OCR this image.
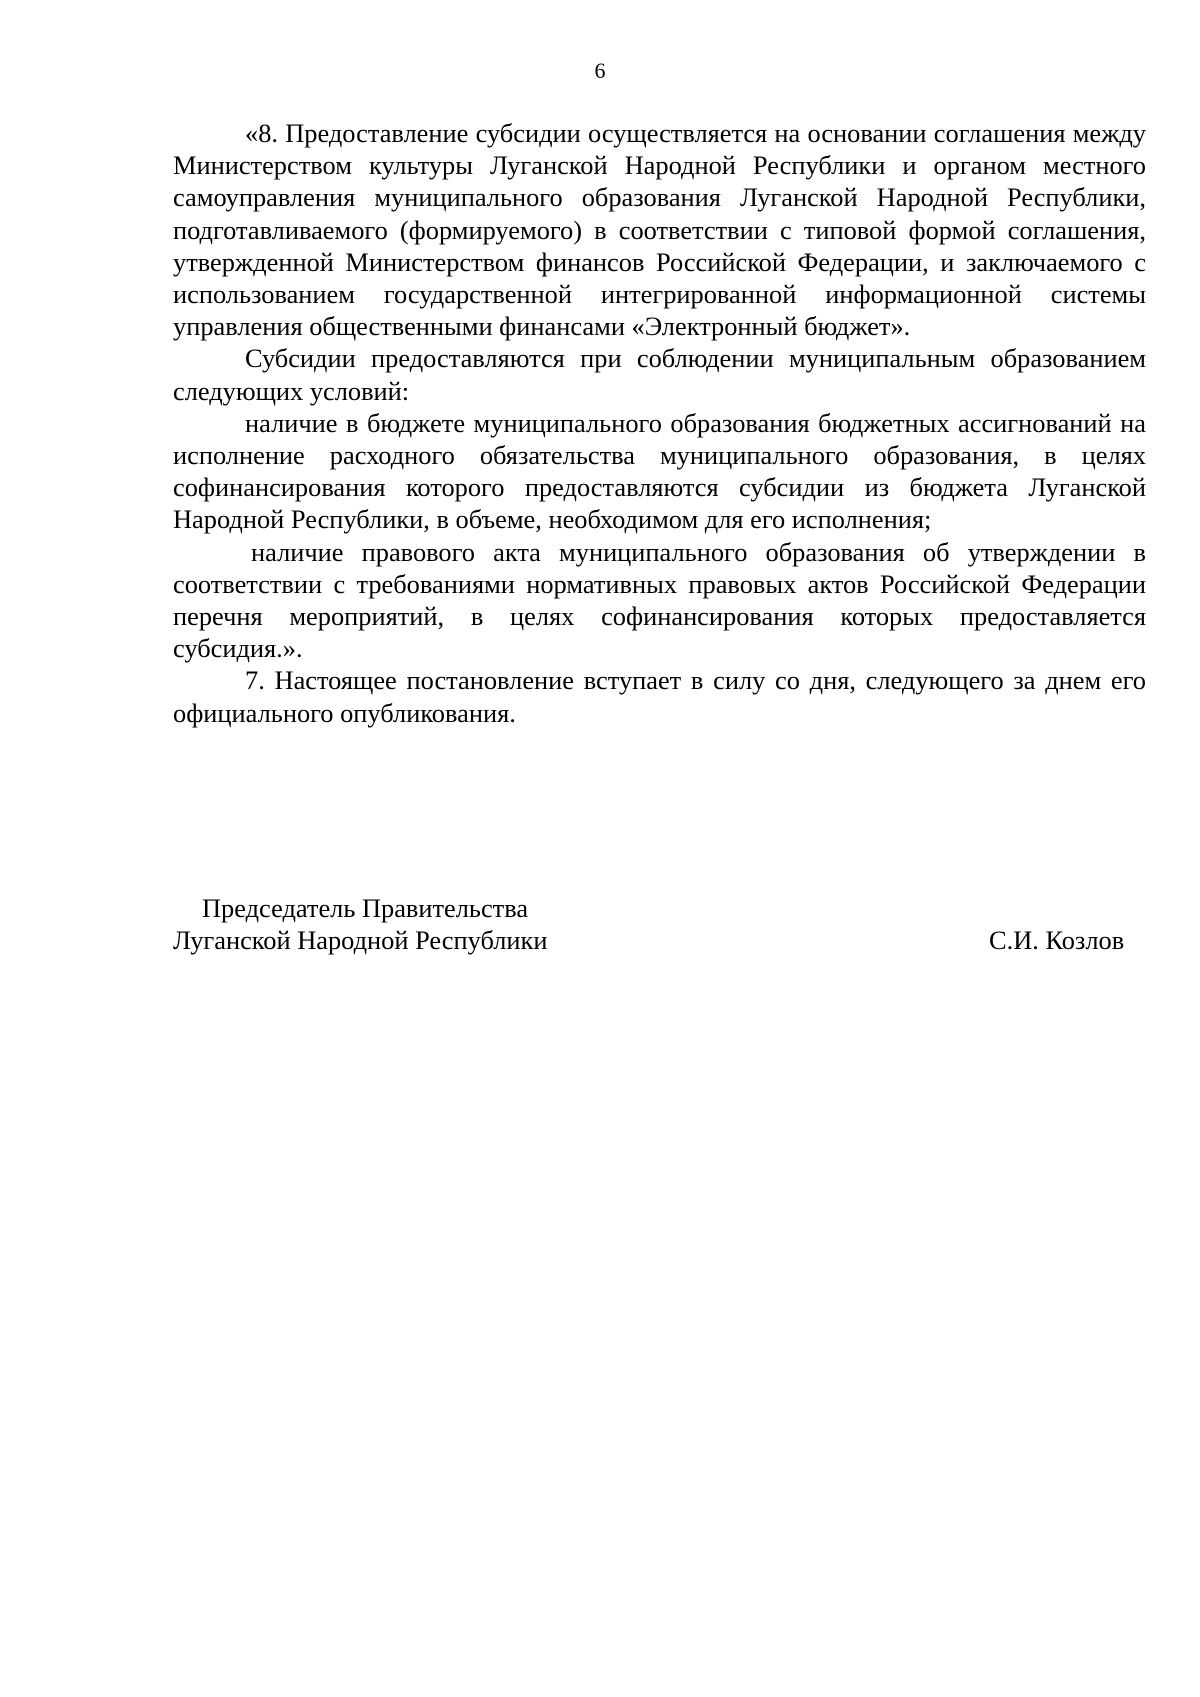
6

«8. Предоставление субсидии осуществляется на основании соглашения между Министерством культуры Луганской Народной Республики и органом местного самоуправления муниципального образования Луганской Народной Республики, подготавливаемого (формируемого) в соответствии с типовой формой соглашения, утвержденной Министерством финансов Российской Федерации, и заключаемого с использованием государственной интегрированной информационной системы управления общественными финансами «Электронный бюджет».

Субсидии предоставляются при соблюдении муниципальным образованием следующих условий:

наличие в бюджете муниципального образования бюджетных ассигнований на исполнение расходного обязательства муниципального образования, в целях софинансирования которого предоставляются субсидии из бюджета Луганской Народной Республики, в объеме, необходимом для его исполнения;

наличие правового акта муниципального образования об утверждении в соответствии с требованиями нормативных правовых актов Российской Федерации перечня мероприятий, в целях софинансирования которых предоставляется субсидия.».

7. Настоящее постановление вступает в силу со дня, следующего за днем его официального опубликования.

Председатель Правительства
Луганской Народной Республики	С.И. Козлов
